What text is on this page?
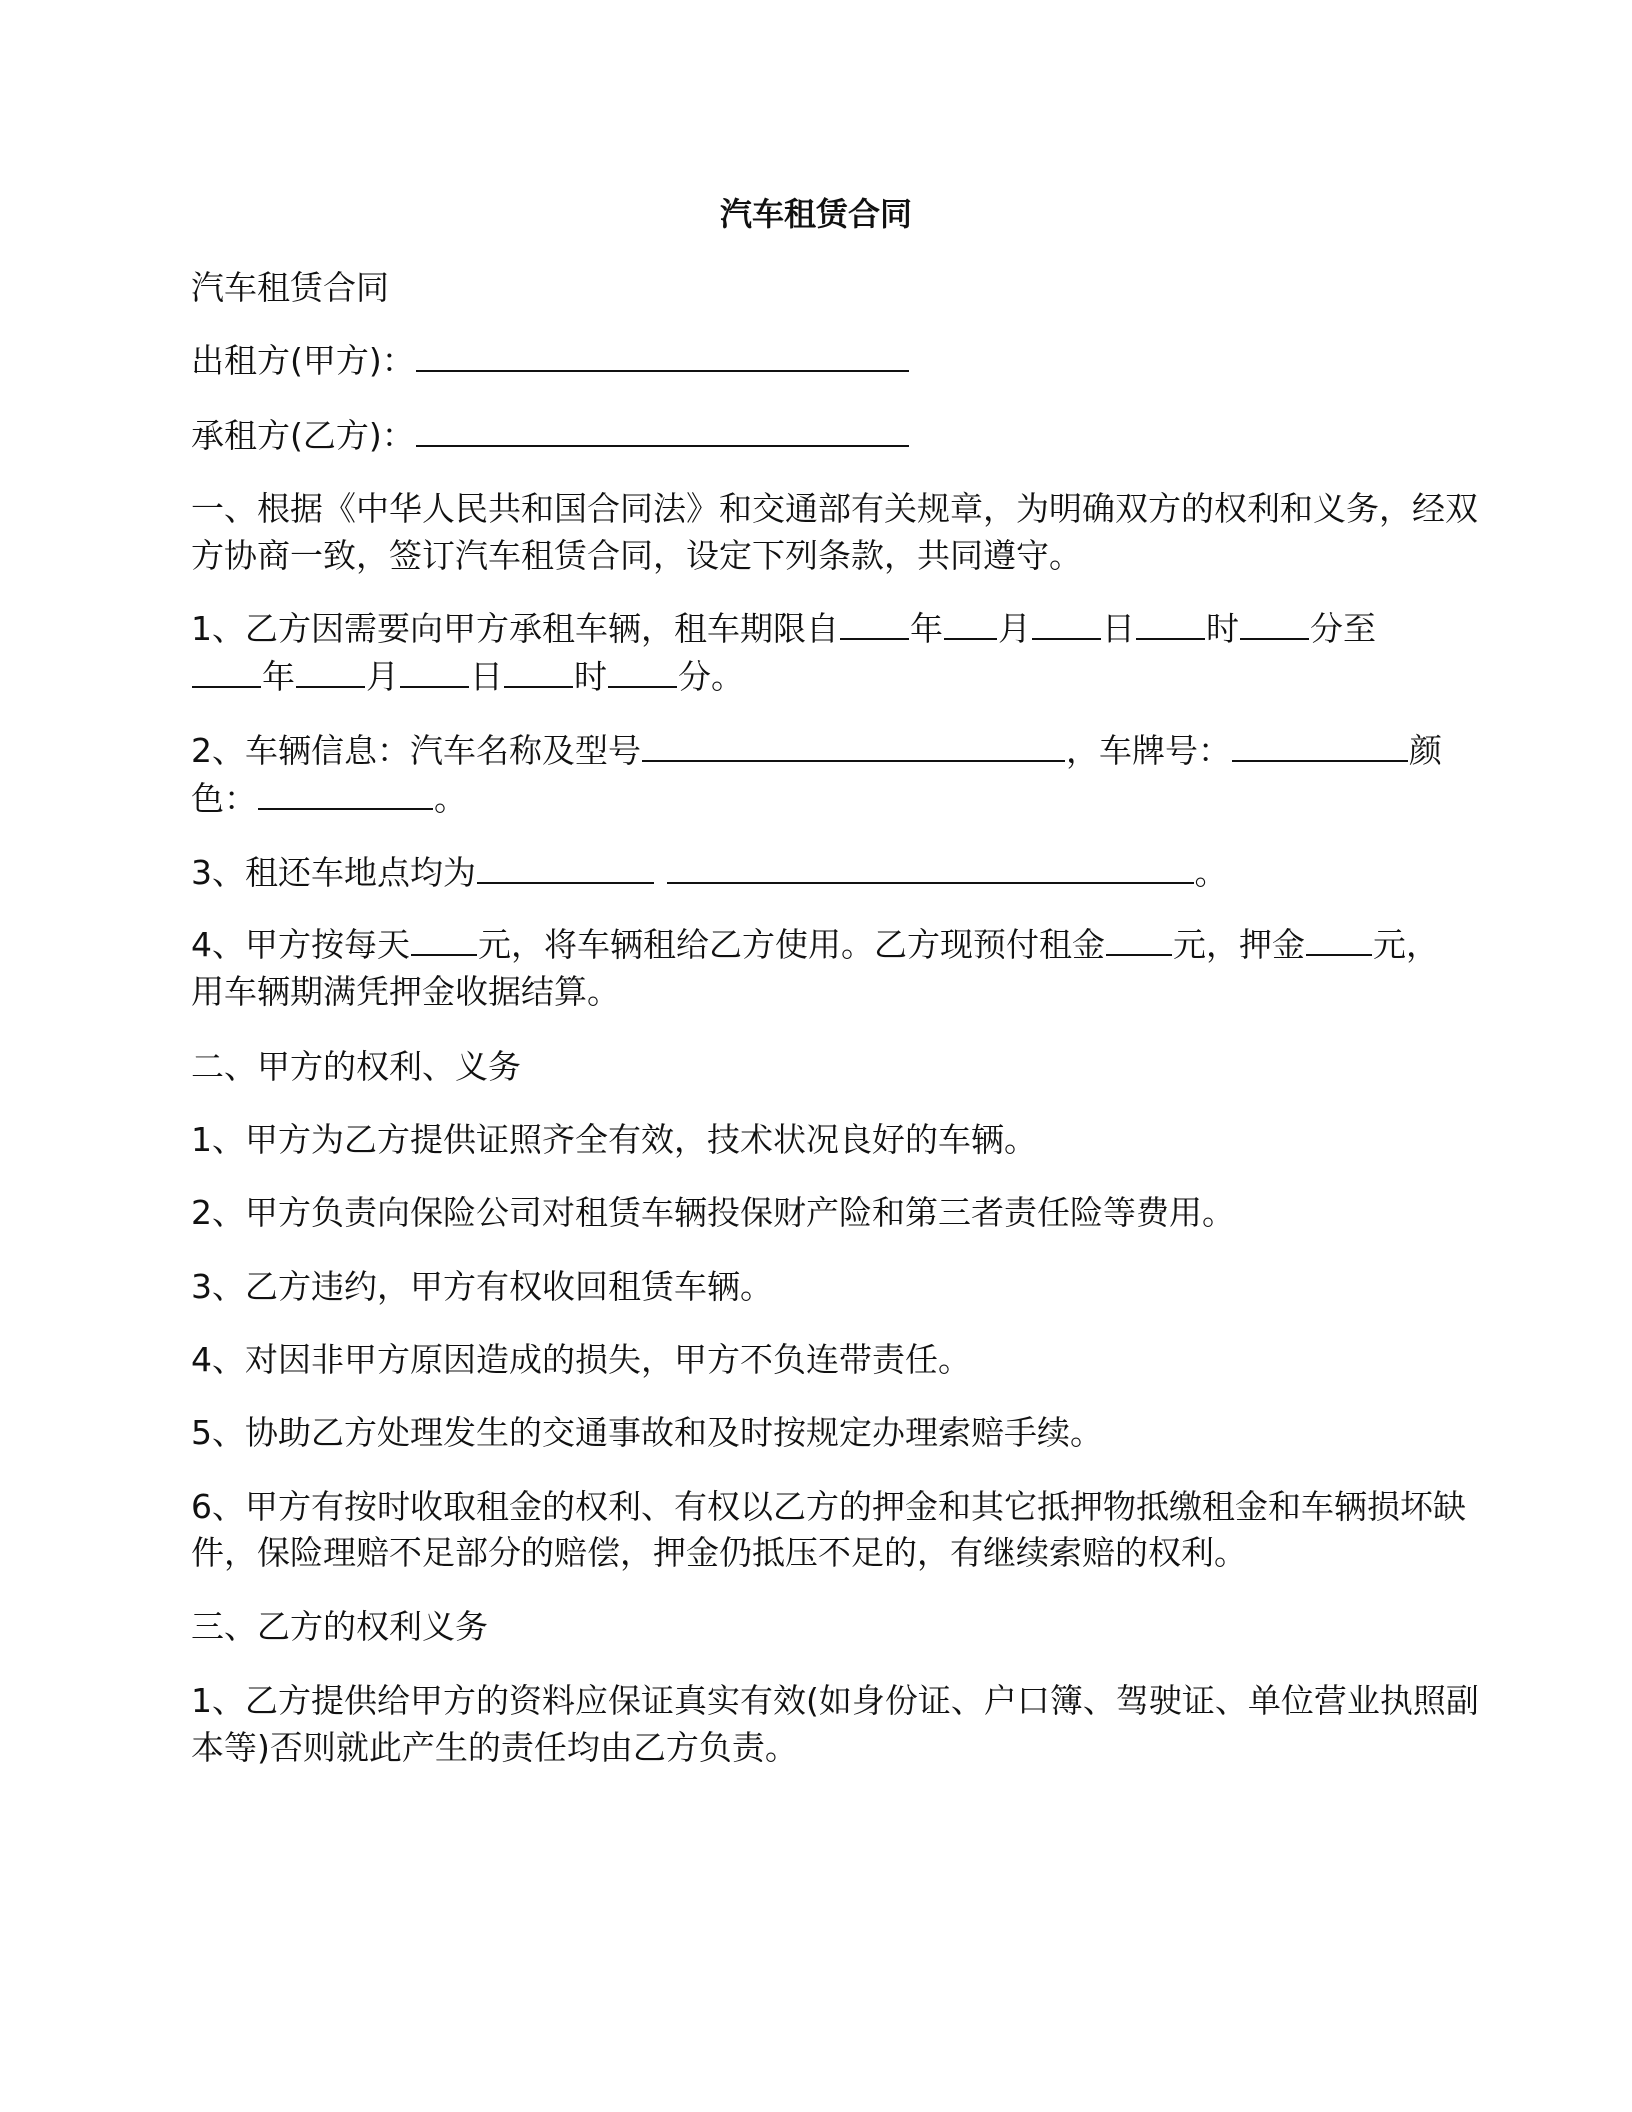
汽车租赁合同
汽车租赁合同
出租方(甲方)：
承租方(乙方)：
一、根据《中华人民共和国合同法》和交通部有关规章，为明确双方的权利和义务，经双
方协商一致，签订汽车租赁合同，设定下列条款，共同遵守。
1、乙方因需要向甲方承租车辆，租车期限自 年 月 日 时 分至
年 月 日 时 分。
2、车辆信息：汽车名称及型号	，车牌号：	颜
色：	。
3、租还车地点均为	。
4、甲方按每天 元，将车辆租给乙方使用。乙方现预付租金 元，押金 元，
用车辆期满凭押金收据结算。
二、甲方的权利、义务
1、甲方为乙方提供证照齐全有效，技术状况良好的车辆。
2、甲方负责向保险公司对租赁车辆投保财产险和第三者责任险等费用。
3、乙方违约，甲方有权收回租赁车辆。
4、对因非甲方原因造成的损失，甲方不负连带责任。
5、协助乙方处理发生的交通事故和及时按规定办理索赔手续。
6、甲方有按时收取租金的权利、有权以乙方的押金和其它抵押物抵缴租金和车辆损坏缺
件，保险理赔不足部分的赔偿，押金仍抵压不足的，有继续索赔的权利。
三、乙方的权利义务
1、乙方提供给甲方的资料应保证真实有效(如身份证、户口簿、驾驶证、单位营业执照副
本等)否则就此产生的责任均由乙方负责。
